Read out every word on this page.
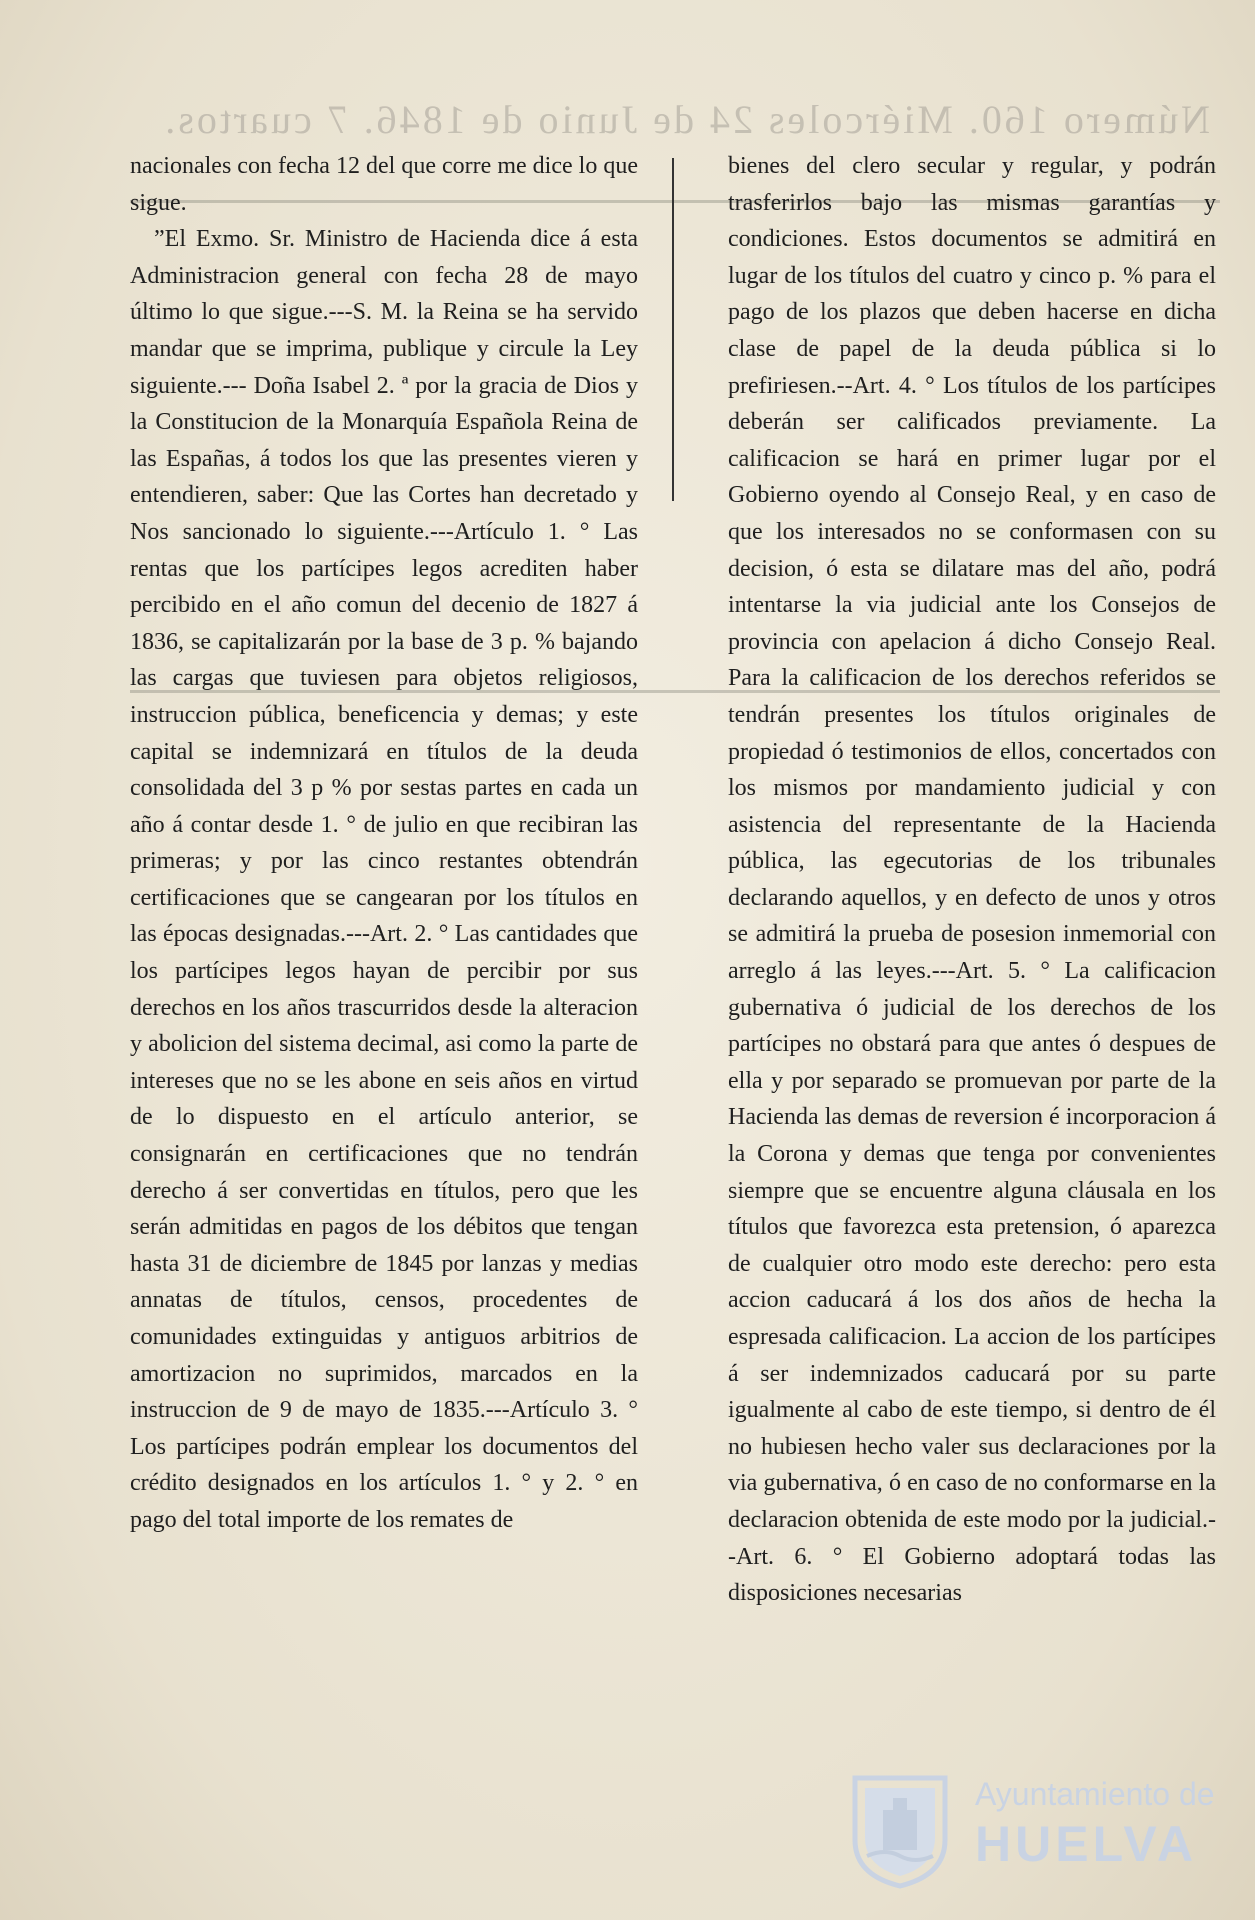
Número 160. Miércoles 24 de Junio de 1846. 7 cuartos.

nacionales con fecha 12 del que corre me dice lo que sigue.

”El Exmo. Sr. Ministro de Hacienda dice á esta Administracion general con fecha 28 de mayo último lo que sigue.---S. M. la Reina se ha servido mandar que se imprima, publique y circule la Ley siguiente.--- Doña Isabel 2. ª por la gracia de Dios y la Constitucion de la Monarquía Española Reina de las Españas, á todos los que las presentes vieren y entendieren, saber: Que las Cortes han decretado y Nos sancionado lo siguiente.---Artículo 1. ° Las rentas que los partícipes legos acrediten haber percibido en el año comun del decenio de 1827 á 1836, se capitalizarán por la base de 3 p. % bajando las cargas que tuviesen para objetos religiosos, instruccion pública, beneficencia y demas; y este capital se indemnizará en títulos de la deuda consolidada del 3 p % por sestas partes en cada un año á contar desde 1. ° de julio en que recibiran las primeras; y por las cinco restantes obtendrán certificaciones que se cangearan por los títulos en las épocas designadas.---Art. 2. ° Las cantidades que los partícipes legos hayan de percibir por sus derechos en los años trascurridos desde la alteracion y abolicion del sistema decimal, asi como la parte de intereses que no se les abone en seis años en virtud de lo dispuesto en el artículo anterior, se consignarán en certificaciones que no tendrán derecho á ser convertidas en títulos, pero que les serán admitidas en pagos de los débitos que tengan hasta 31 de diciembre de 1845 por lanzas y medias annatas de títulos, censos, procedentes de comunidades extinguidas y antiguos arbitrios de amortizacion no suprimidos, marcados en la instruccion de 9 de mayo de 1835.---Artículo 3. ° Los partícipes podrán emplear los documentos del crédito designados en los artículos 1. ° y 2. ° en pago del total importe de los remates de

bienes del clero secular y regular, y podrán trasferirlos bajo las mismas garantías y condiciones. Estos documentos se admitirá en lugar de los títulos del cuatro y cinco p. % para el pago de los plazos que deben hacerse en dicha clase de papel de la deuda pública si lo prefiriesen.--Art. 4. ° Los títulos de los partícipes deberán ser calificados previamente. La calificacion se hará en primer lugar por el Gobierno oyendo al Consejo Real, y en caso de que los interesados no se conformasen con su decision, ó esta se dilatare mas del año, podrá intentarse la via judicial ante los Consejos de provincia con apelacion á dicho Consejo Real. Para la calificacion de los derechos referidos se tendrán presentes los títulos originales de propiedad ó testimonios de ellos, concertados con los mismos por mandamiento judicial y con asistencia del representante de la Hacienda pública, las egecutorias de los tribunales declarando aquellos, y en defecto de unos y otros se admitirá la prueba de posesion inmemorial con arreglo á las leyes.---Art. 5. ° La calificacion gubernativa ó judicial de los derechos de los partícipes no obstará para que antes ó despues de ella y por separado se promuevan por parte de la Hacienda las demas de reversion é incorporacion á la Corona y demas que tenga por convenientes siempre que se encuentre alguna cláusala en los títulos que favorezca esta pretension, ó aparezca de cualquier otro modo este derecho: pero esta accion caducará á los dos años de hecha la espresada calificacion. La accion de los partícipes á ser indemnizados caducará por su parte igualmente al cabo de este tiempo, si dentro de él no hubiesen hecho valer sus declaraciones por la via gubernativa, ó en caso de no conformarse en la declaracion obtenida de este modo por la judicial.--Art. 6. ° El Gobierno adoptará todas las disposiciones necesarias

Ayuntamiento de
HUELVA
